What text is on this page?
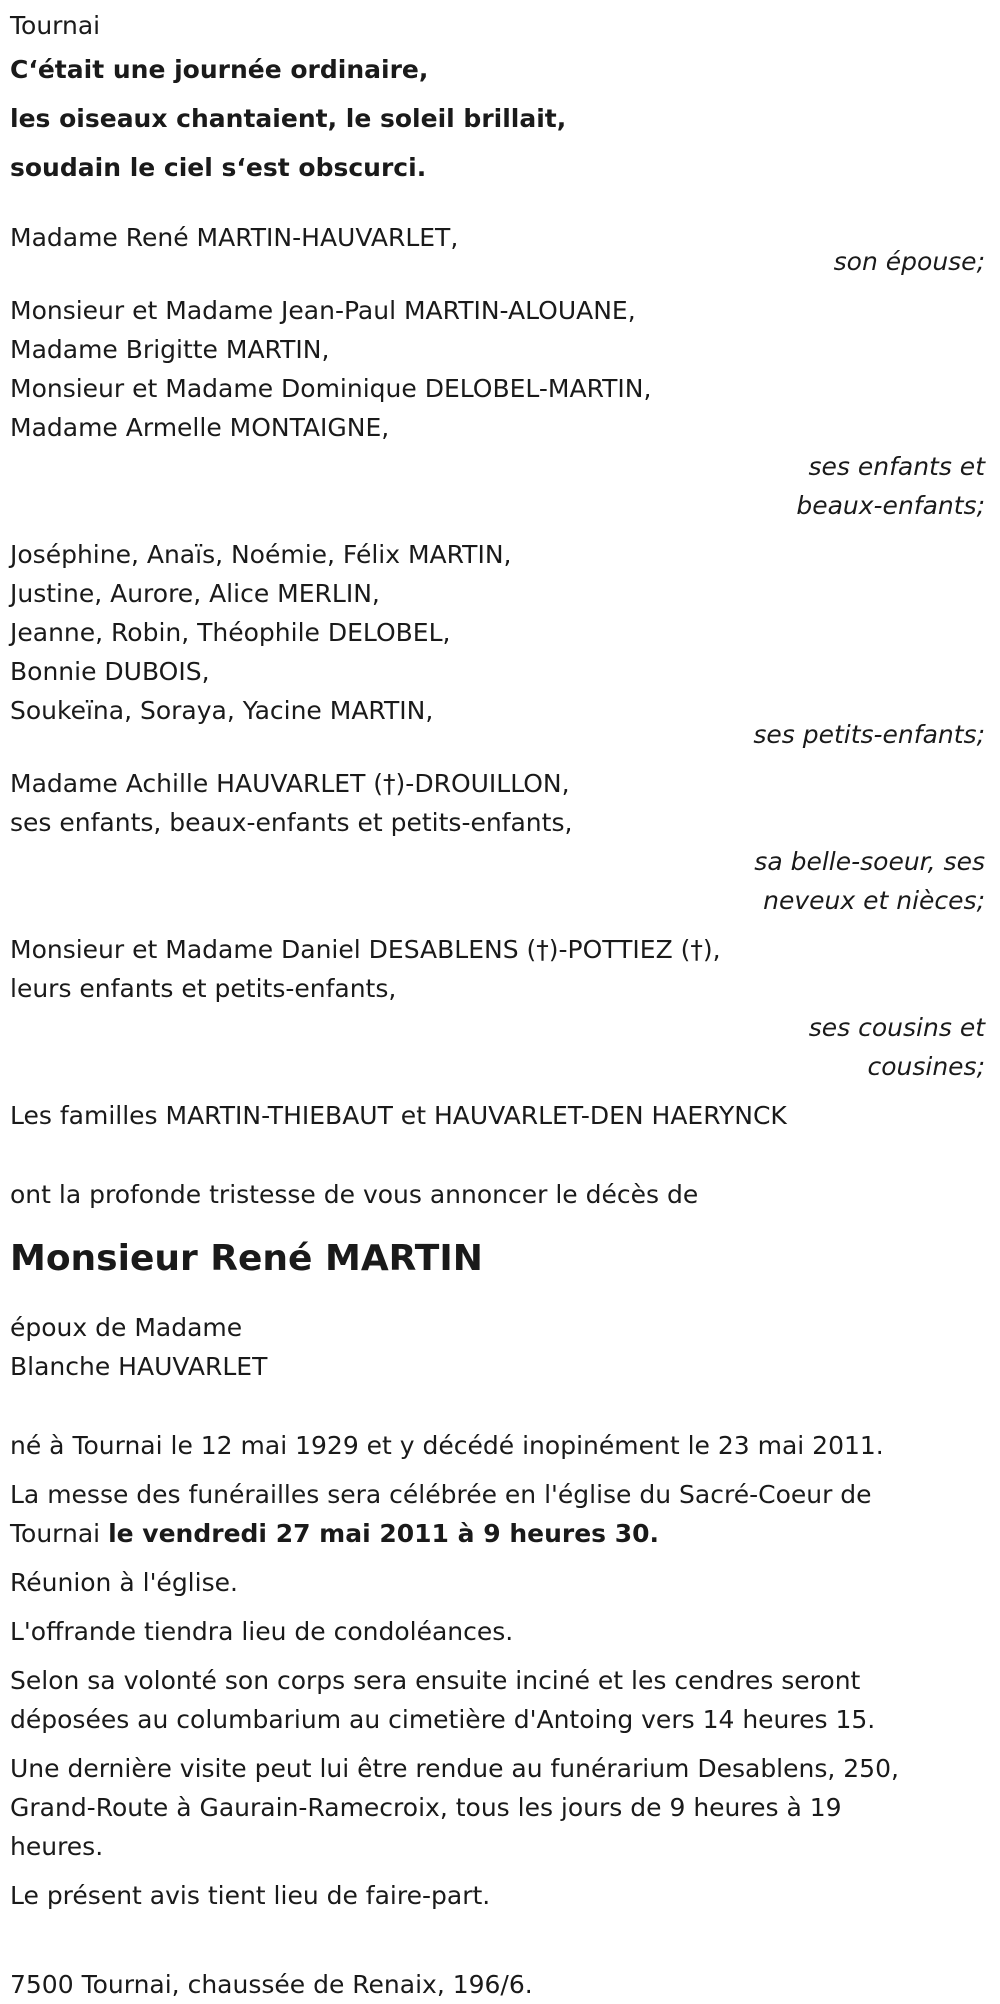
Tournai
C‘était une journée ordinaire,
les oiseaux chantaient, le soleil brillait,
soudain le ciel s‘est obscurci.
Madame René MARTIN-HAUVARLET,
son épouse;
Monsieur et Madame Jean-Paul MARTIN-ALOUANE,
Madame Brigitte MARTIN,
Monsieur et Madame Dominique DELOBEL-MARTIN,
Madame Armelle MONTAIGNE,
ses enfants et
beaux-enfants;
Joséphine, Anaïs, Noémie, Félix MARTIN,
Justine, Aurore, Alice MERLIN,
Jeanne, Robin, Théophile DELOBEL,
Bonnie DUBOIS,
Soukeïna, Soraya, Yacine MARTIN,
ses petits-enfants;
Madame Achille HAUVARLET (†)-DROUILLON,
ses enfants, beaux-enfants et petits-enfants,
sa belle-soeur, ses
neveux et nièces;
Monsieur et Madame Daniel DESABLENS (†)-POTTIEZ (†),
leurs enfants et petits-enfants,
ses cousins et
cousines;
Les familles MARTIN-THIEBAUT et HAUVARLET-DEN HAERYNCK
ont la profonde tristesse de vous annoncer le décès de
Monsieur René MARTIN
époux de Madame
Blanche HAUVARLET
né à Tournai le 12 mai 1929 et y décédé inopinément le 23 mai 2011.
La messe des funérailles sera célébrée en l'église du Sacré-Coeur de
Tournai le vendredi 27 mai 2011 à 9 heures 30.
Réunion à l'église.
L'offrande tiendra lieu de condoléances.
Selon sa volonté son corps sera ensuite inciné et les cendres seront
déposées au columbarium au cimetière d'Antoing vers 14 heures 15.
Une dernière visite peut lui être rendue au funérarium Desablens, 250,
Grand-Route à Gaurain-Ramecroix, tous les jours de 9 heures à 19
heures.
Le présent avis tient lieu de faire-part.
7500 Tournai, chaussée de Renaix, 196/6.
